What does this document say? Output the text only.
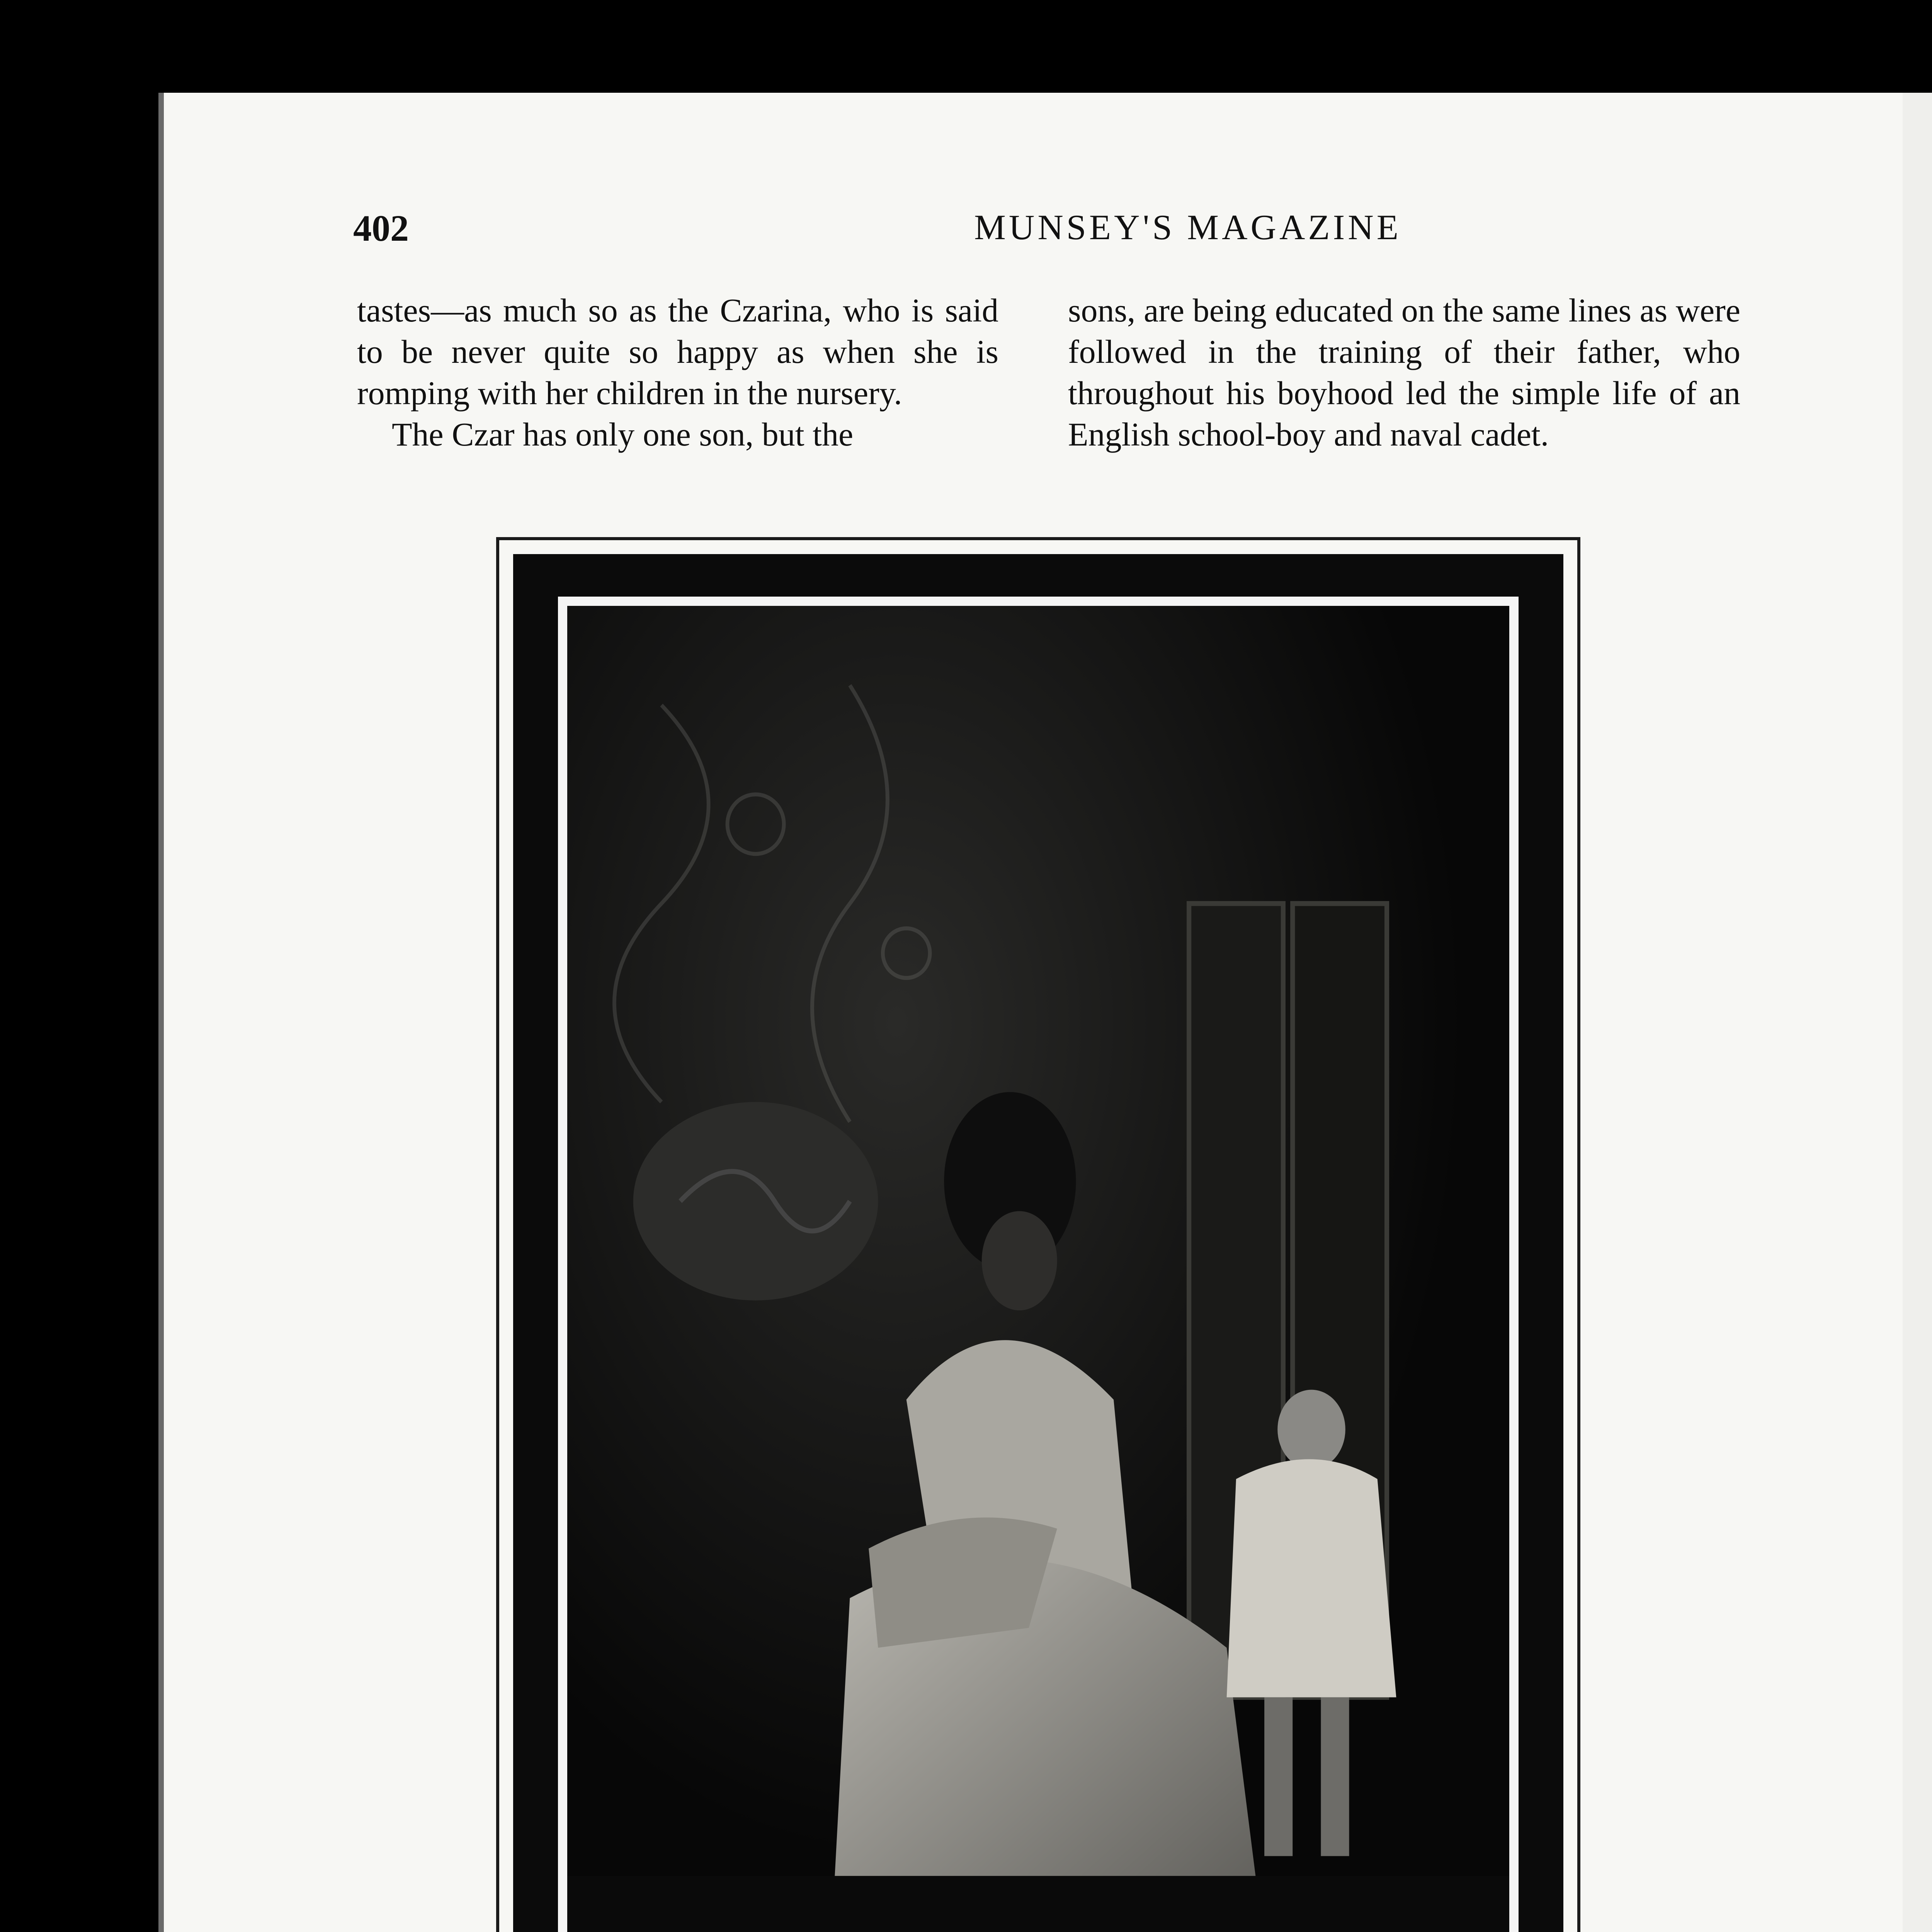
402	MUNSEY'S MAGAZINE

tastes—as much so as the Czarina, who is said to be never quite so happy as when she is romping with her children in the nursery.

The Czar has only one son, but the

sons, are being educated on the same lines as were followed in the training of their father, who throughout his boyhood led the simple life of an English school-boy and naval cadet.
